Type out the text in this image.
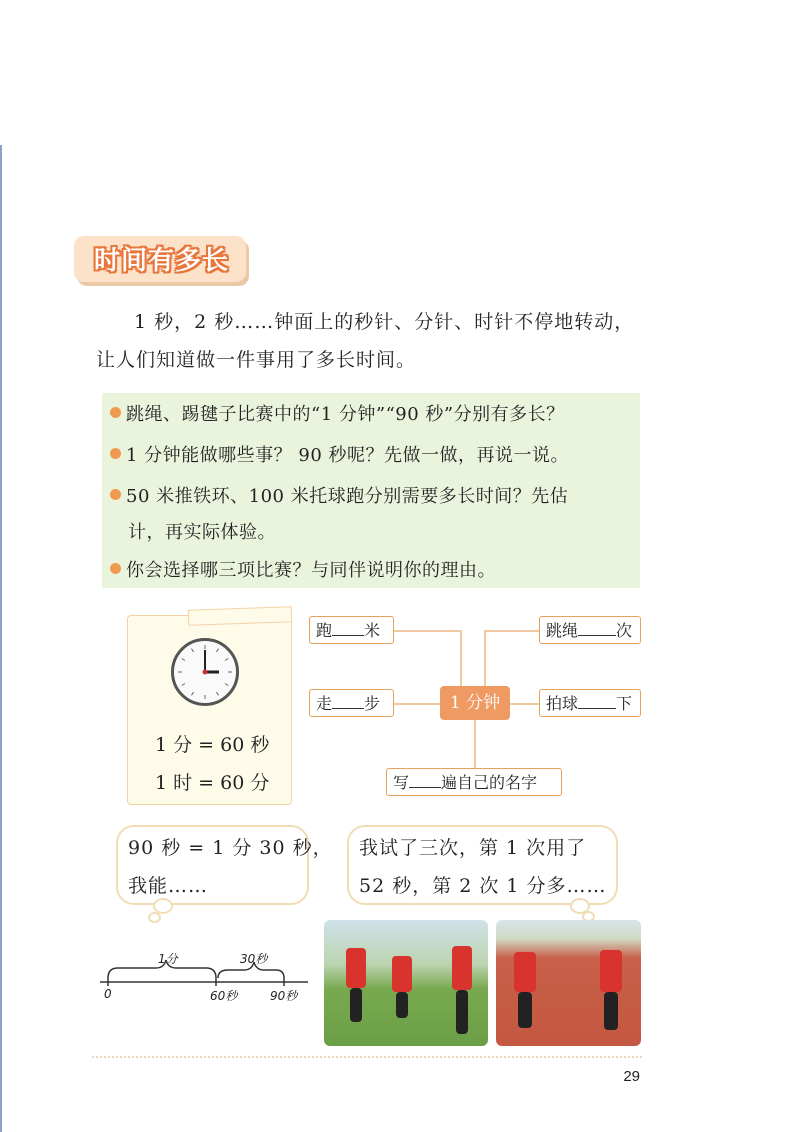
时间有多长
1 秒，2 秒……钟面上的秒针、分针、时针不停地转动，
让人们知道做一件事用了多长时间。
跳绳、踢毽子比赛中的“1 分钟”“90 秒”分别有多长？
1 分钟能做哪些事？ 90 秒呢？先做一做，再说一说。
50 米推铁环、100 米托球跑分别需要多长时间？先估
计，再实际体验。
你会选择哪三项比赛？与同伴说明你的理由。
1 分 = 60 秒
1 时 = 60 分
跑 米	跳绳 次
走 步	1 分钟	拍球 下
写 遍自己的名字
90 秒 = 1 分 30 秒，
我能……
我试了三次，第 1 次用了
52 秒，第 2 次 1 分多……
1分	30秒
0	60秒	90秒
29
